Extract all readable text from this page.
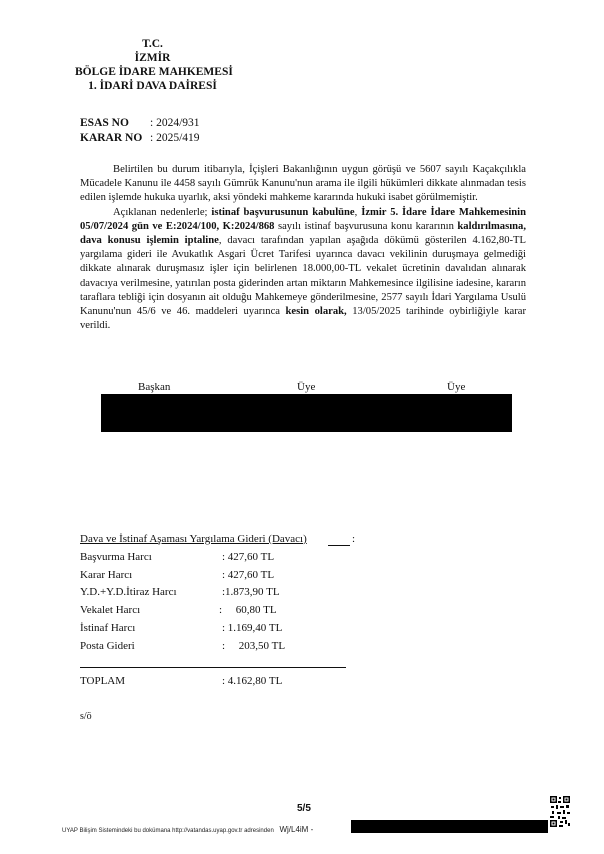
T.C.
İZMİR
BÖLGE İDARE MAHKEMESİ
1. İDARİ DAVA DAİRESİ
ESAS NO : 2024/931
KARAR NO : 2025/419

Belirtilen bu durum itibarıyla, İçişleri Bakanlığının uygun görüşü ve 5607 sayılı Kaçakçılıkla Mücadele Kanunu ile 4458 sayılı Gümrük Kanunu'nun arama ile ilgili hükümleri dikkate alınmadan tesis edilen işlemde hukuka uyarlık, aksi yöndeki mahkeme kararında hukuki isabet görülmemiştir.

Açıklanan nedenlerle; istinaf başvurusunun kabulüne, İzmir 5. İdare İdare Mahkemesinin 05/07/2024 gün ve E:2024/100, K:2024/868 sayılı istinaf başvurusuna konu kararının kaldırılmasına, dava konusu işlemin iptaline, davacı tarafından yapılan aşağıda dökümü gösterilen 4.162,80-TL yargılama gideri ile Avukatlık Asgari Ücret Tarifesi uyarınca davacı vekilinin duruşmaya gelmediği dikkate alınarak duruşmasız işler için belirlenen 18.000,00-TL vekalet ücretinin davalıdan alınarak davacıya verilmesine, yatırılan posta giderinden artan miktarın Mahkemesince ilgilisine iadesine, kararın taraflara tebliği için dosyanın ait olduğu Mahkemeye gönderilmesine, 2577 sayılı İdari Yargılama Usulü Kanunu'nun 45/6 ve 46. maddeleri uyarınca kesin olarak, 13/05/2025 tarihinde oybirliğiyle karar verildi.

Başkan	Üye	Üye
Dava ve İstinaf Aşaması Yargılama Gideri (Davacı)	:
Başvurma Harcı	: 427,60 TL
Karar Harcı	: 427,60 TL
Y.D.+Y.D.İtiraz Harcı	:1.873,90 TL
Vekalet Harcı	:     60,80 TL
İstinaf Harcı	: 1.169,40 TL
Posta Gideri	:     203,50 TL
TOPLAM	: 4.162,80 TL
s/ö
5/5
UYAP Bilişim Sistemindeki bu dokümana http://vatandas.uyap.gov.tr adresinden Wj/L4iM -
